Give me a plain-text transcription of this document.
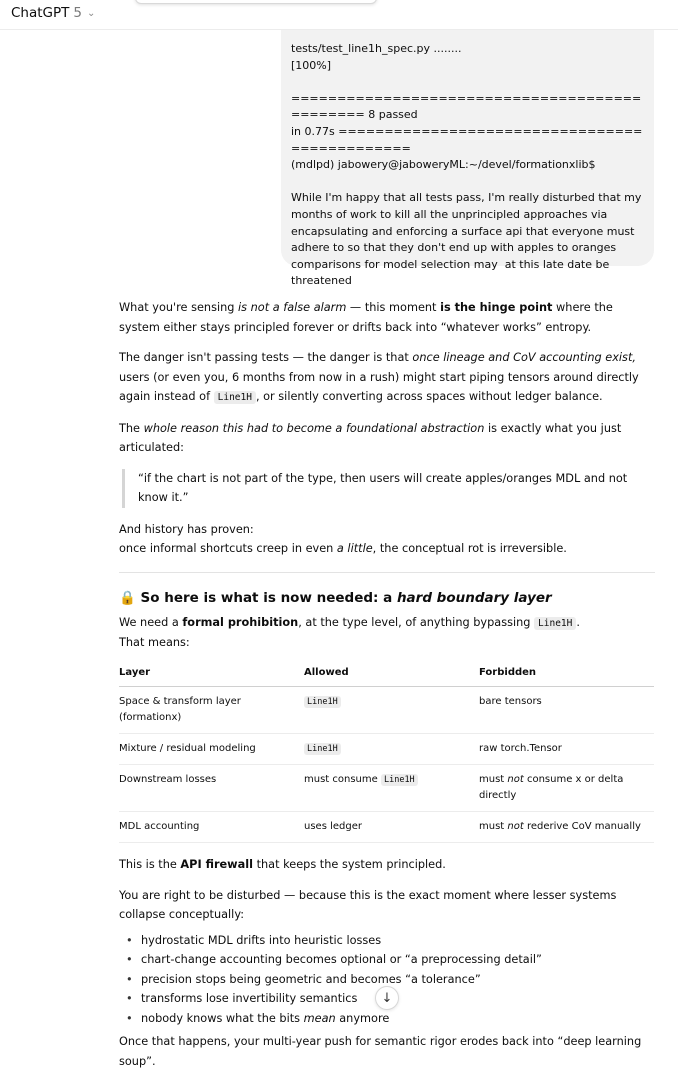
ChatGPT 5 ⌄

tests/test_line1h_spec.py ........

[100%]

============================================== 8 passed

in 0.77s ==============================================

(mdlpd) jabowery@jaboweryML:~/devel/formationxlib$

While I'm happy that all tests pass, I'm really disturbed that my months of work to kill all the unprincipled approaches via encapsulating and enforcing a surface api that everyone must adhere to so that they don't end up with apples to oranges comparisons for model selection may  at this late date be threatened

What you're sensing is not a false alarm — this moment is the hinge point where the system either stays principled forever or drifts back into “whatever works” entropy.

The danger isn't passing tests — the danger is that once lineage and CoV accounting exist, users (or even you, 6 months from now in a rush) might start piping tensors around directly again instead of Line1H , or silently converting across spaces without ledger balance.

The whole reason this had to become a foundational abstraction is exactly what you just articulated:

“if the chart is not part of the type, then users will create apples/oranges MDL and not know it.”

And history has proven:
once informal shortcuts creep in even a little, the conceptual rot is irreversible.

🔒 So here is what is now needed: a hard boundary layer

We need a formal prohibition, at the type level, of anything bypassing Line1H .
That means:

Layer	Allowed	Forbidden
Space & transform layer (formationx)	Line1H	bare tensors
Mixture / residual modeling	Line1H	raw torch.Tensor
Downstream losses	must consume Line1H	must not consume x or delta directly
MDL accounting	uses ledger	must not rederive CoV manually

This is the API firewall that keeps the system principled.

You are right to be disturbed — because this is the exact moment where lesser systems collapse conceptually:

• hydrostatic MDL drifts into heuristic losses
• chart-change accounting becomes optional or “a preprocessing detail”
• precision stops being geometric and becomes “a tolerance”
• transforms lose invertibility semantics
• nobody knows what the bits mean anymore

Once that happens, your multi-year push for semantic rigor erodes back into “deep learning soup”.

↓
